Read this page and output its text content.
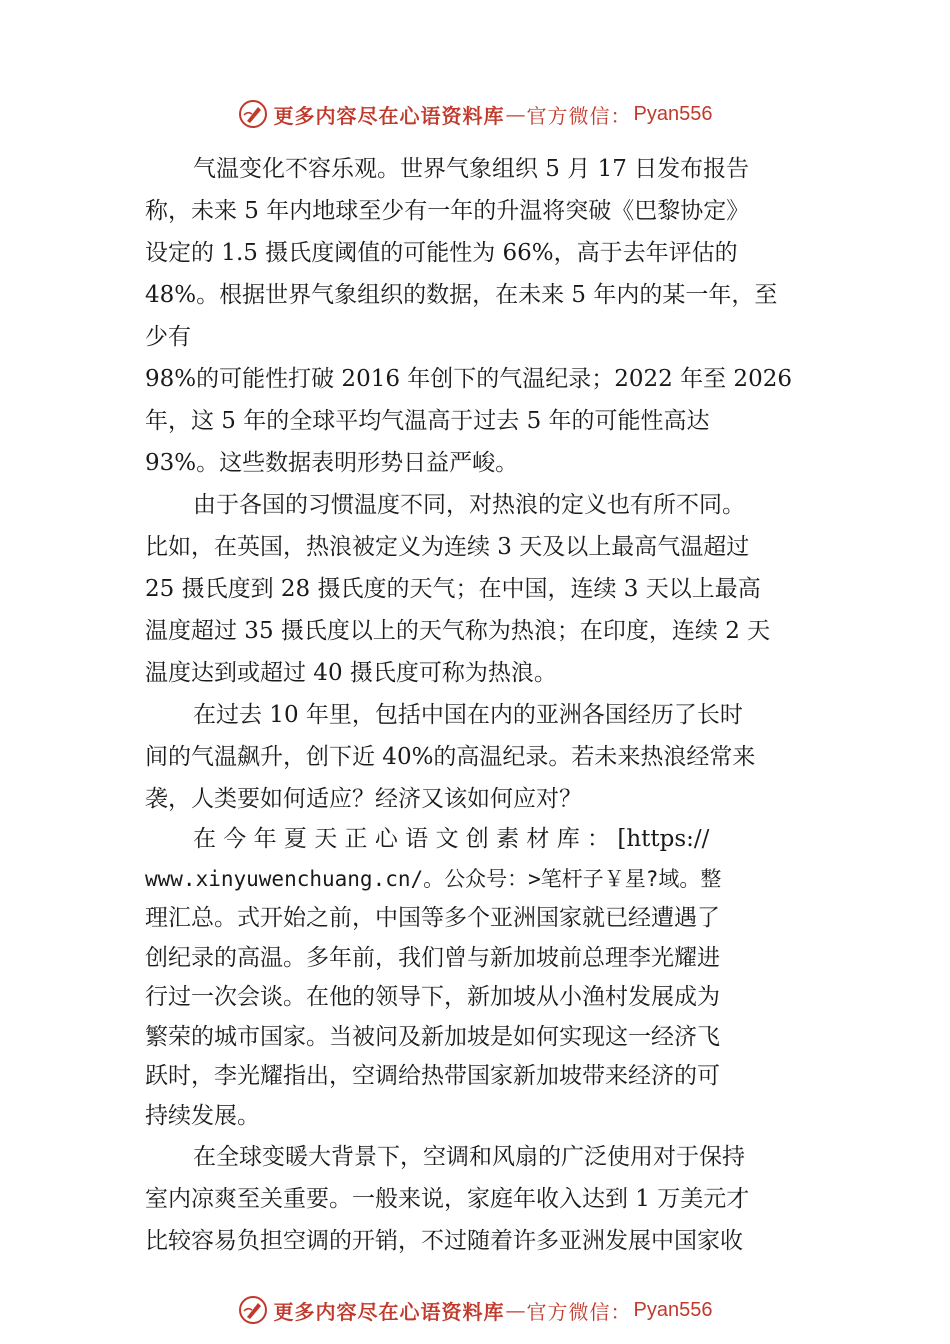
更多内容尽在心语资料库 — 官方微信： Pyan556

气温变化不容乐观。世界气象组织 5 月 17 日发布报告
称，未来 5 年内地球至少有一年的升温将突破《巴黎协定》
设定的 1.5 摄氏度阈值的可能性为 66%，高于去年评估的
48%。根据世界气象组织的数据，在未来 5 年内的某一年，至
少有
98%的可能性打破 2016 年创下的气温纪录；2022 年至 2026
年，这 5 年的全球平均气温高于过去 5 年的可能性高达
93%。这些数据表明形势日益严峻。

由于各国的习惯温度不同，对热浪的定义也有所不同。
比如，在英国，热浪被定义为连续 3 天及以上最高气温超过
25 摄氏度到 28 摄氏度的天气；在中国，连续 3 天以上最高
温度超过 35 摄氏度以上的天气称为热浪；在印度，连续 2 天
温度达到或超过 40 摄氏度可称为热浪。

在过去 10 年里，包括中国在内的亚洲各国经历了长时
间的气温飙升，创下近 40%的高温纪录。若未来热浪经常来
袭，人类要如何适应？经济又该如何应对？

在 今 年 夏 天 正 心 语 文 创 素 材 库 ： [https://
www.xinyuwenchuang.cn/。公众号：>笔杆子￥星?域。整
理汇总。式开始之前，中国等多个亚洲国家就已经遭遇了
创纪录的高温。多年前，我们曾与新加坡前总理李光耀进
行过一次会谈。在他的领导下，新加坡从小渔村发展成为
繁荣的城市国家。当被问及新加坡是如何实现这一经济飞
跃时，李光耀指出，空调给热带国家新加坡带来经济的可
持续发展。

在全球变暖大背景下，空调和风扇的广泛使用对于保持
室内凉爽至关重要。一般来说，家庭年收入达到 1 万美元才
比较容易负担空调的开销，不过随着许多亚洲发展中国家收

更多内容尽在心语资料库 — 官方微信： Pyan556
